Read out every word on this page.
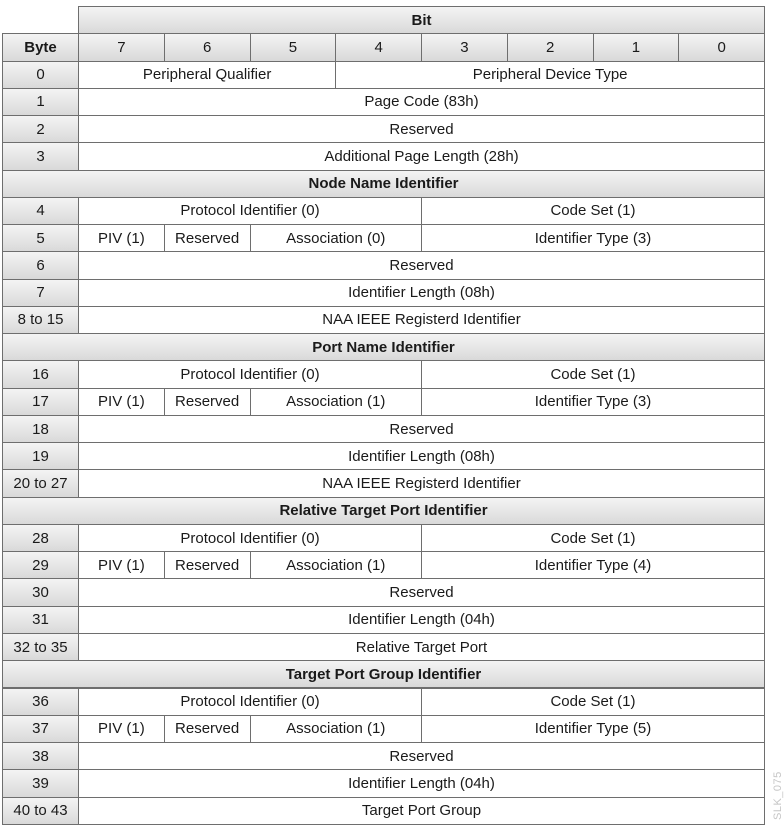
Bit
Byte	7	6	5	4	3	2	1	0
0	Peripheral Qualifier	Peripheral Device Type
1	Page Code (83h)
2	Reserved
3	Additional Page Length (28h)
Node Name Identifier
4	Protocol Identifier (0)	Code Set (1)
5	PIV (1)	Reserved	Association (0)	Identifier Type (3)
6	Reserved
7	Identifier Length (08h)
8 to 15	NAA IEEE Registerd Identifier
Port Name Identifier
16	Protocol Identifier (0)	Code Set (1)
17	PIV (1)	Reserved	Association (1)	Identifier Type (3)
18	Reserved
19	Identifier Length (08h)
20 to 27	NAA IEEE Registerd Identifier
Relative Target Port Identifier
28	Protocol Identifier (0)	Code Set (1)
29	PIV (1)	Reserved	Association (1)	Identifier Type (4)
30	Reserved
31	Identifier Length (04h)
32 to 35	Relative Target Port
Target Port Group Identifier
36	Protocol Identifier (0)	Code Set (1)
37	PIV (1)	Reserved	Association (1)	Identifier Type (5)
38	Reserved
39	Identifier Length (04h)
40 to 43	Target Port Group	SLK_075
